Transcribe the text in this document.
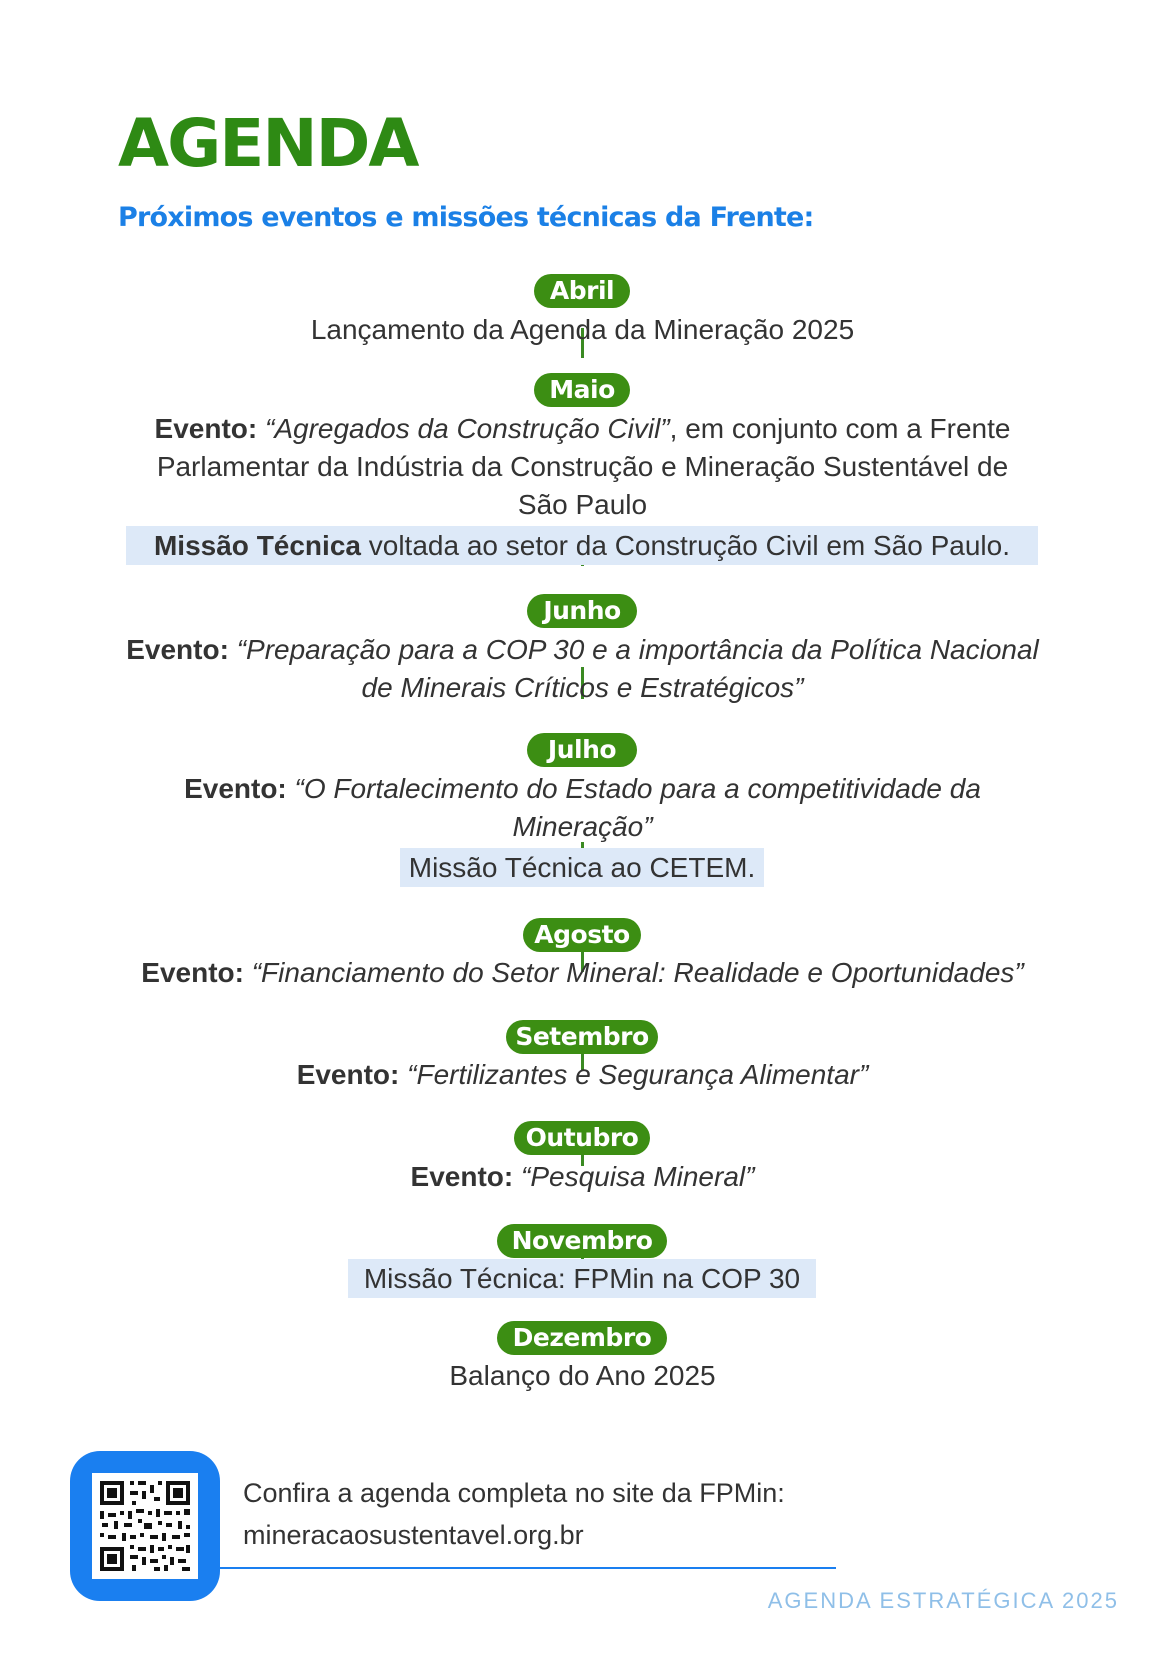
AGENDA
Próximos eventos e missões técnicas da Frente:
Abril
Lançamento da Agenda da Mineração 2025
Maio
Evento: “Agregados da Construção Civil”, em conjunto com a Frente
Parlamentar da Indústria da Construção e Mineração Sustentável de
São Paulo
Missão Técnica voltada ao setor da Construção Civil em São Paulo.
Junho
Evento: “Preparação para a COP 30 e a importância da Política Nacional
de Minerais Críticos e Estratégicos”
Julho
Evento: “O Fortalecimento do Estado para a competitividade da
Mineração”
Missão Técnica ao CETEM.
Agosto
Evento: “Financiamento do Setor Mineral: Realidade e Oportunidades”
Setembro
Evento: “Fertilizantes e Segurança Alimentar”
Outubro
Evento: “Pesquisa Mineral”
Novembro
Missão Técnica: FPMin na COP 30
Dezembro
Balanço do Ano 2025
Confira a agenda completa no site da FPMin:
mineracaosustentavel.org.br
AGENDA ESTRATÉGICA 2025
